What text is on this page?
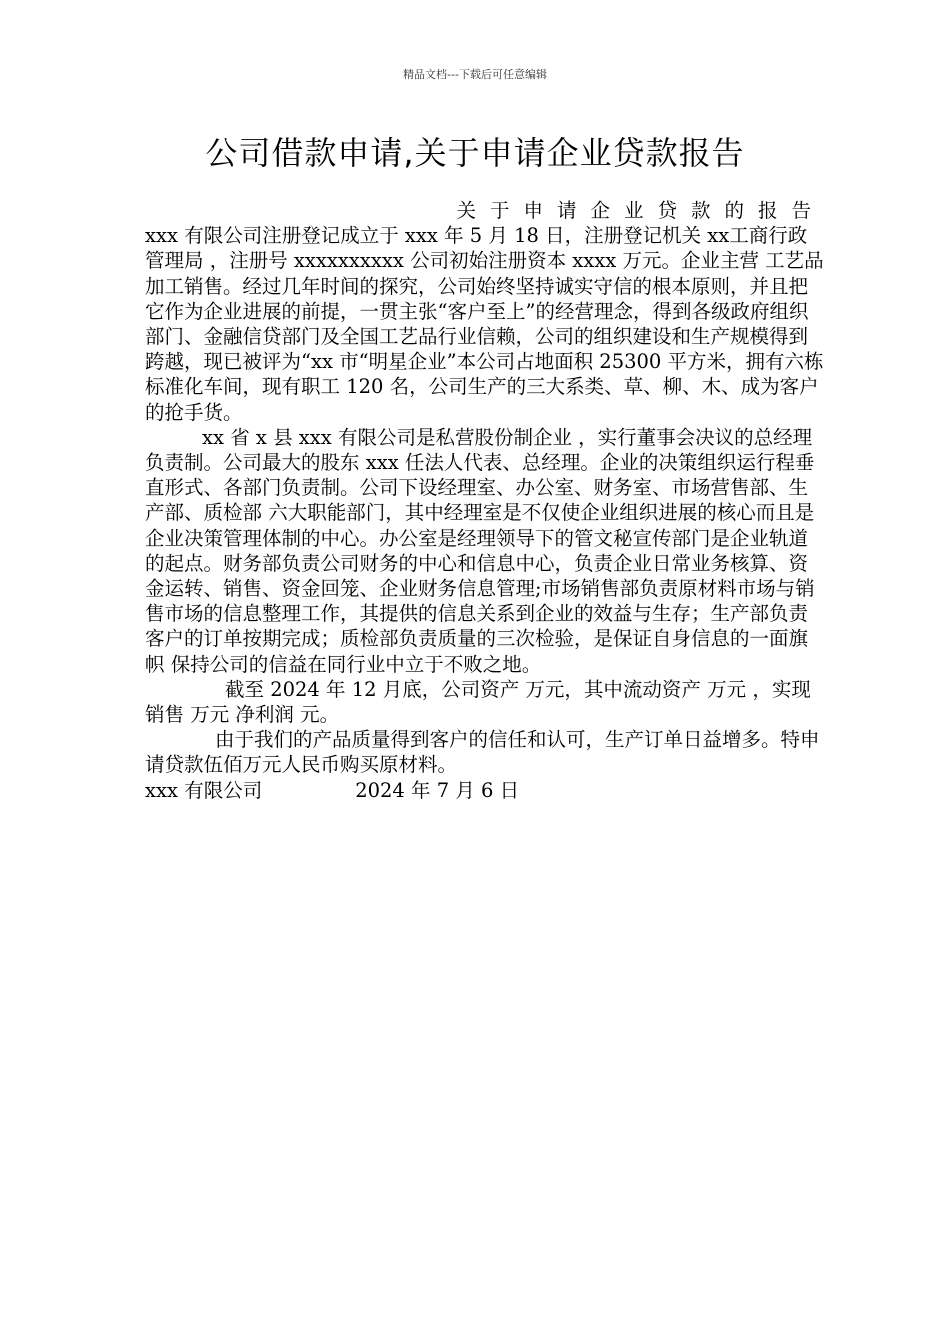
精品文档---下载后可任意编辑
公司借款申请,关于申请企业贷款报告

关于申请企业贷款的报告

xxx 有限公司注册登记成立于 xxx 年 5 月 18 日，注册登记机关 xx工商行政管理局 ，注册号 xxxxxxxxxx 公司初始注册资本 xxxx 万元。企业主营 工艺品加工销售。经过几年时间的探究，公司始终坚持诚实守信的根本原则，并且把它作为企业进展的前提，一贯主张“客户至上”的经营理念，得到各级政府组织部门、金融信贷部门及全国工艺品行业信赖，公司的组织建设和生产规模得到跨越，现已被评为“xx 市“明星企业”本公司占地面积 25300 平方米，拥有六栋标准化车间，现有职工 120 名，公司生产的三大系类、草、柳、木、成为客户的抢手货。

xx 省 x 县 xxx 有限公司是私营股份制企业 ，实行董事会决议的总经理负责制。公司最大的股东 xxx 任法人代表、总经理。企业的决策组织运行程垂直形式、各部门负责制。公司下设经理室、办公室、财务室、市场营售部、生产部、质检部 六大职能部门，其中经理室是不仅使企业组织进展的核心而且是企业决策管理体制的中心。办公室是经理领导下的管文秘宣传部门是企业轨道的起点。财务部负责公司财务的中心和信息中心，负责企业日常业务核算、资金运转、销售、资金回笼、企业财务信息管理;市场销售部负责原材料市场与销售市场的信息整理工作，其提供的信息关系到企业的效益与生存；生产部负责客户的订单按期完成；质检部负责质量的三次检验，是保证自身信息的一面旗帜 保持公司的信益在同行业中立于不败之地。

截至 2024 年 12 月底，公司资产 万元，其中流动资产 万元 ，实现销售 万元 净利润 元。

由于我们的产品质量得到客户的信任和认可，生产订单日益增多。特申请贷款伍佰万元人民币购买原材料。

xxx 有限公司	2024 年 7 月 6 日
